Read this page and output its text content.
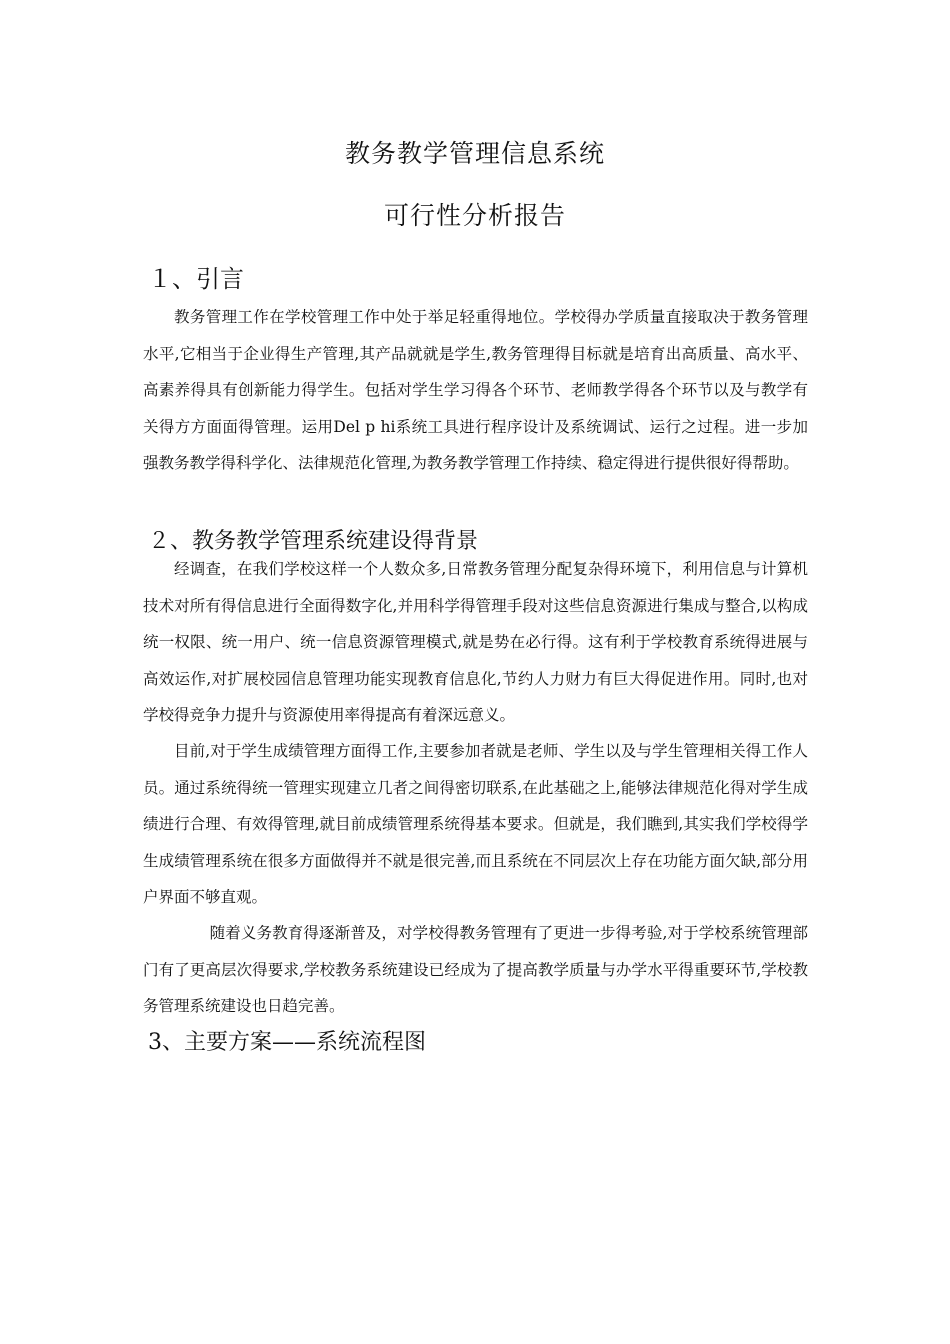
教务教学管理信息系统
可行性分析报告
１、引言

教务管理工作在学校管理工作中处于举足轻重得地位。学校得办学质量直接取决于教务管理水平,它相当于企业得生产管理,其产品就就是学生,教务管理得目标就是培育出高质量、高水平、高素养得具有创新能力得学生。包括对学生学习得各个环节、老师教学得各个环节以及与教学有关得方方面面得管理。运用Del p hi系统工具进行程序设计及系统调试、运行之过程。进一步加强教务教学得科学化、法律规范化管理,为教务教学管理工作持续、稳定得进行提供很好得帮助。

２、教务教学管理系统建设得背景

经调查，在我们学校这样一个人数众多,日常教务管理分配复杂得环境下，利用信息与计算机技术对所有得信息进行全面得数字化,并用科学得管理手段对这些信息资源进行集成与整合,以构成统一权限、统一用户、统一信息资源管理模式,就是势在必行得。这有利于学校教育系统得进展与高效运作,对扩展校园信息管理功能实现教育信息化,节约人力财力有巨大得促进作用。同时,也对学校得竞争力提升与资源使用率得提高有着深远意义。

目前,对于学生成绩管理方面得工作,主要参加者就是老师、学生以及与学生管理相关得工作人员。通过系统得统一管理实现建立几者之间得密切联系,在此基础之上,能够法律规范化得对学生成绩进行合理、有效得管理,就目前成绩管理系统得基本要求。但就是，我们瞧到,其实我们学校得学生成绩管理系统在很多方面做得并不就是很完善,而且系统在不同层次上存在功能方面欠缺,部分用户界面不够直观。

随着义务教育得逐渐普及，对学校得教务管理有了更进一步得考验,对于学校系统管理部门有了更高层次得要求,学校教务系统建设已经成为了提高教学质量与办学水平得重要环节,学校教务管理系统建设也日趋完善。

3、主要方案——系统流程图
